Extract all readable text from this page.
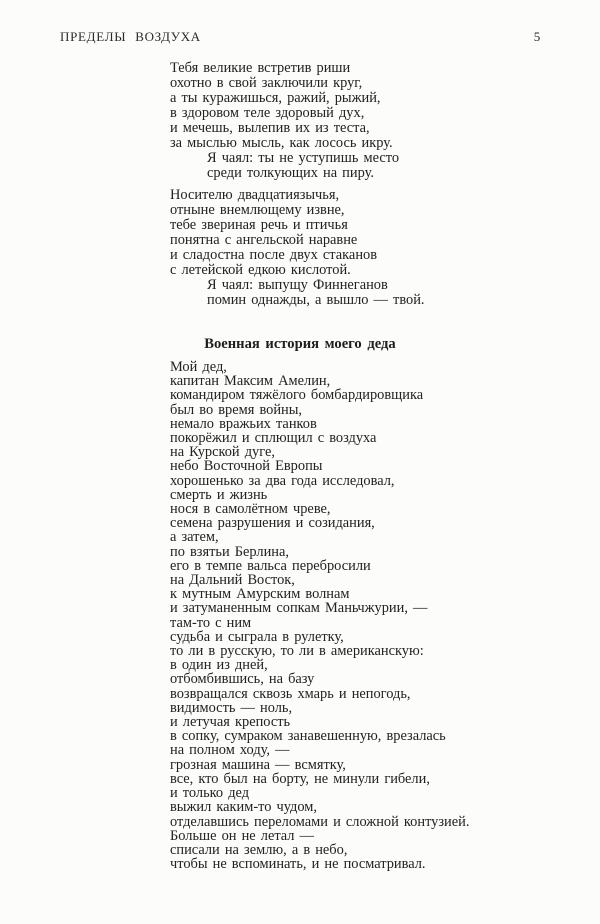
ПРЕДЕЛЫ ВОЗДУХА	5
Тебя великие встретив риши
охотно в свой заключили круг,
а ты куражишься, ражий, рыжий,
в здоровом теле здоровый дух,
и мечешь, вылепив их из теста,
за мыслью мысль, как лосось икру.
Я чаял: ты не уступишь место
среди толкующих на пиру.
Носителю двадцатиязычья,
отныне внемлющему извне,
тебе звериная речь и птичья
понятна с ангельской наравне
и сладостна после двух стаканов
с летейской едкою кислотой.
Я чаял: выпущу Финнеганов
помин однажды, а вышло — твой.
Военная история моего деда
Мой дед,
капитан Максим Амелин,
командиром тяжёлого бомбардировщика
был во время войны,
немало вражьих танков
покорёжил и сплющил с воздуха
на Курской дуге,
небо Восточной Европы
хорошенько за два года исследовал,
смерть и жизнь
нося в самолётном чреве,
семена разрушения и созидания,
а затем,
по взятьи Берлина,
его в темпе вальса перебросили
на Дальний Восток,
к мутным Амурским волнам
и затуманенным сопкам Маньчжурии, —
там-то с ним
судьба и сыграла в рулетку,
то ли в русскую, то ли в американскую:
в один из дней,
отбомбившись, на базу
возвращался сквозь хмарь и непогодь,
видимость — ноль,
и летучая крепость
в сопку, сумраком занавешенную, врезалась
на полном ходу, —
грозная машина — всмятку,
все, кто был на борту, не минули гибели,
и только дед
выжил каким-то чудом,
отделавшись переломами и сложной контузией.
Больше он не летал —
списали на землю, а в небо,
чтобы не вспоминать, и не посматривал.
